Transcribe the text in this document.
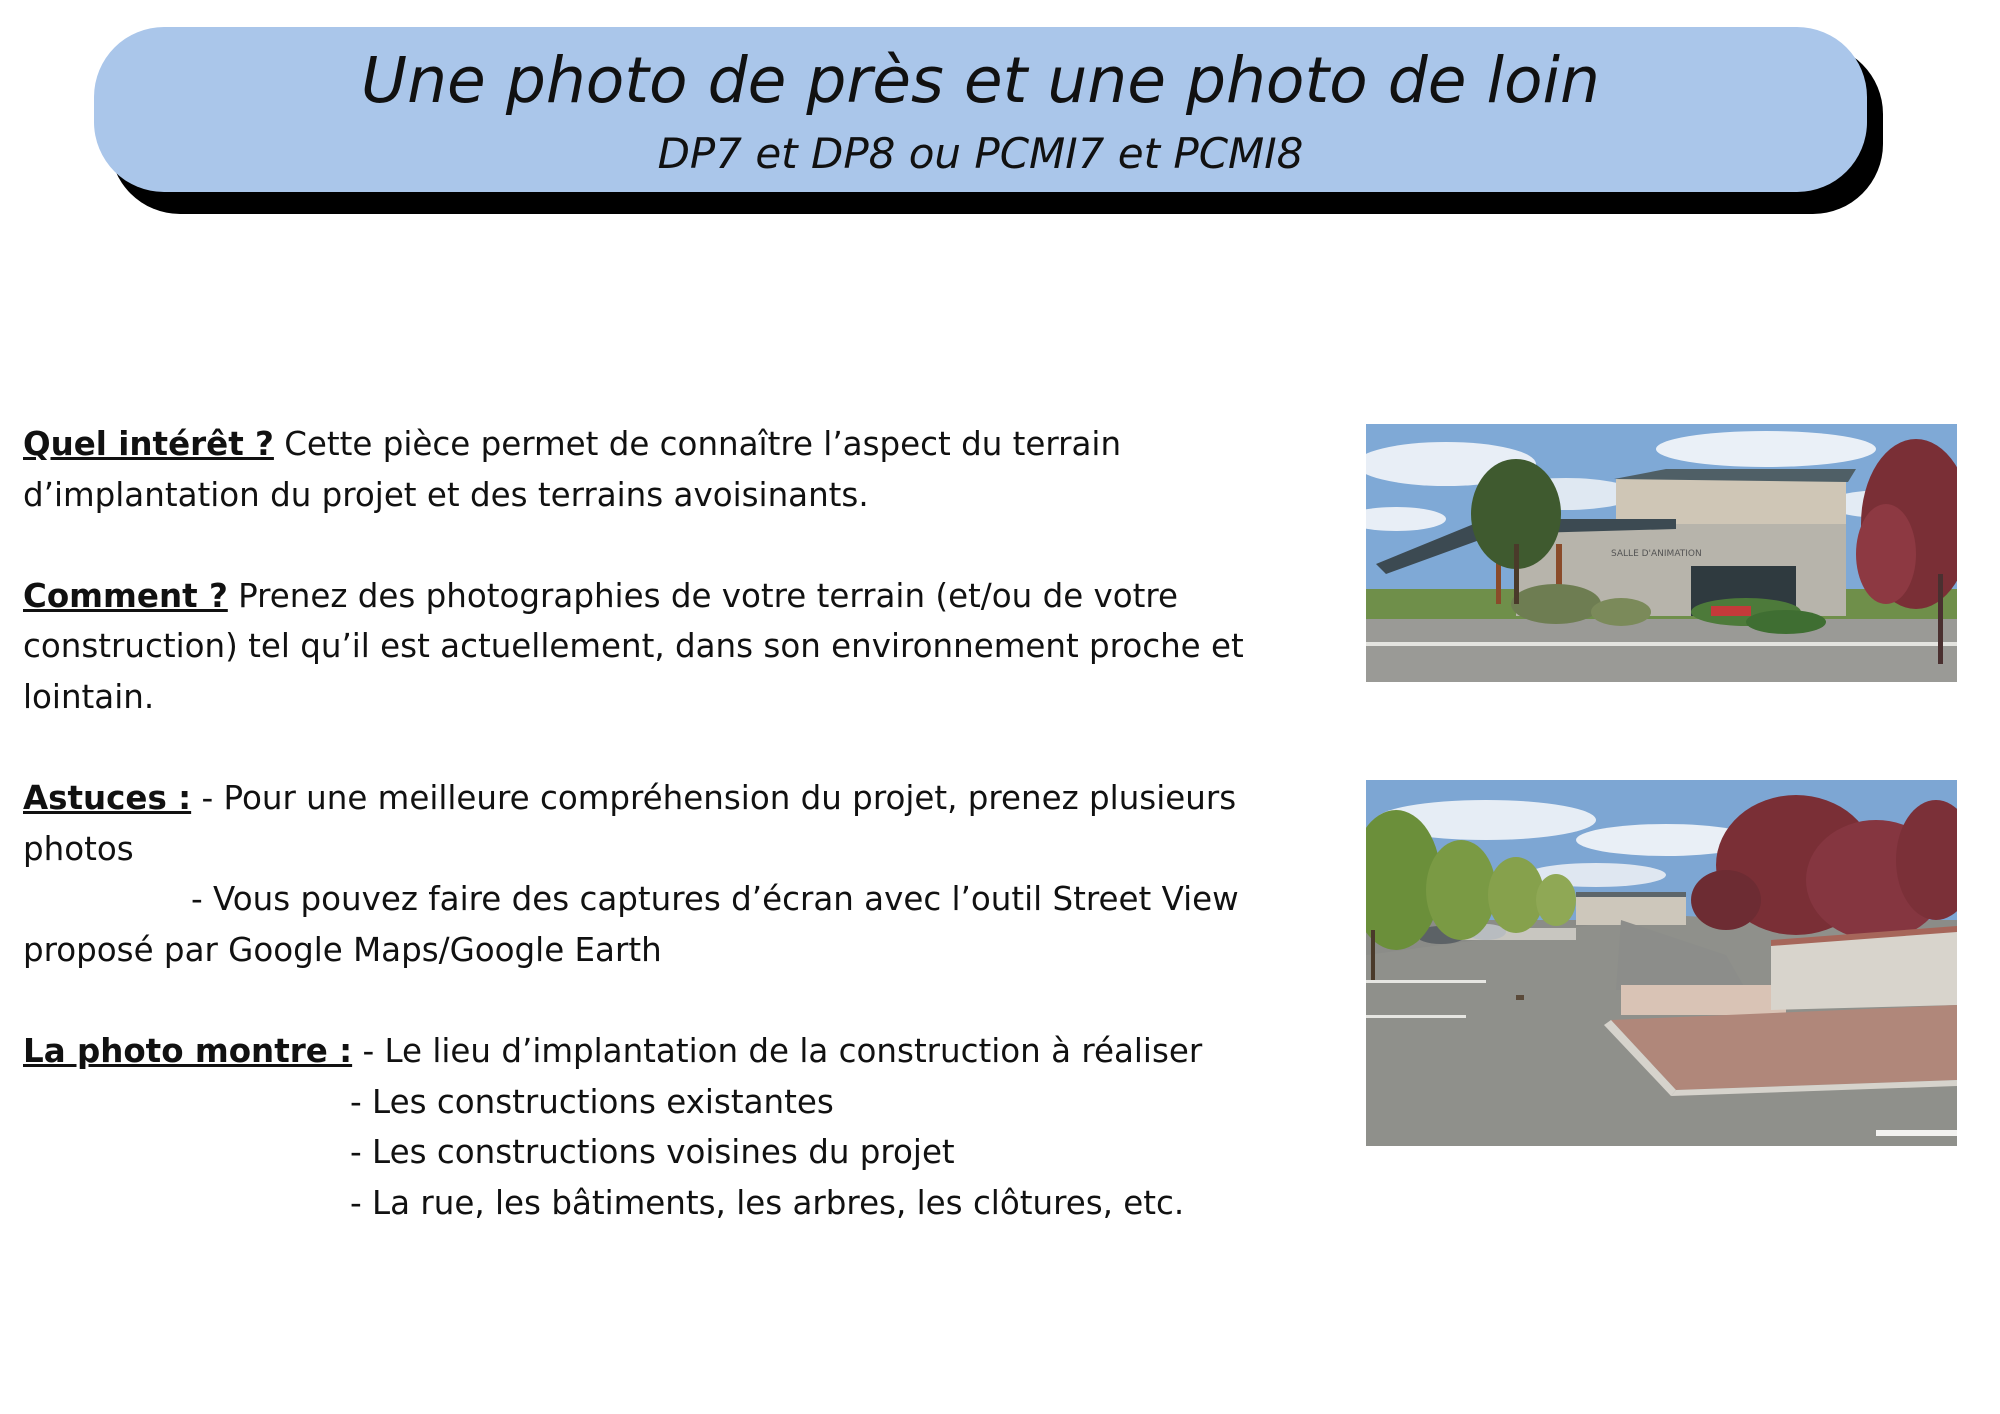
Une photo de près et une photo de loin
DP7 et DP8 ou PCMI7 et PCMI8

Quel intérêt ? Cette pièce permet de connaître l’aspect du terrain d’implantation du projet et des terrains avoisinants.

Comment ? Prenez des photographies de votre terrain (et/ou de votre construction) tel qu’il est actuellement, dans son environnement proche et lointain.

Astuces : - Pour une meilleure compréhension du projet, prenez plusieurs photos

- Vous pouvez faire des captures d’écran avec l’outil Street View

proposé par Google Maps/Google Earth

La photo montre : - Le lieu d’implantation de la construction à réaliser

- Les constructions existantes

- Les constructions voisines du projet

- La rue, les bâtiments, les arbres, les clôtures, etc.

SALLE D'ANIMATION
